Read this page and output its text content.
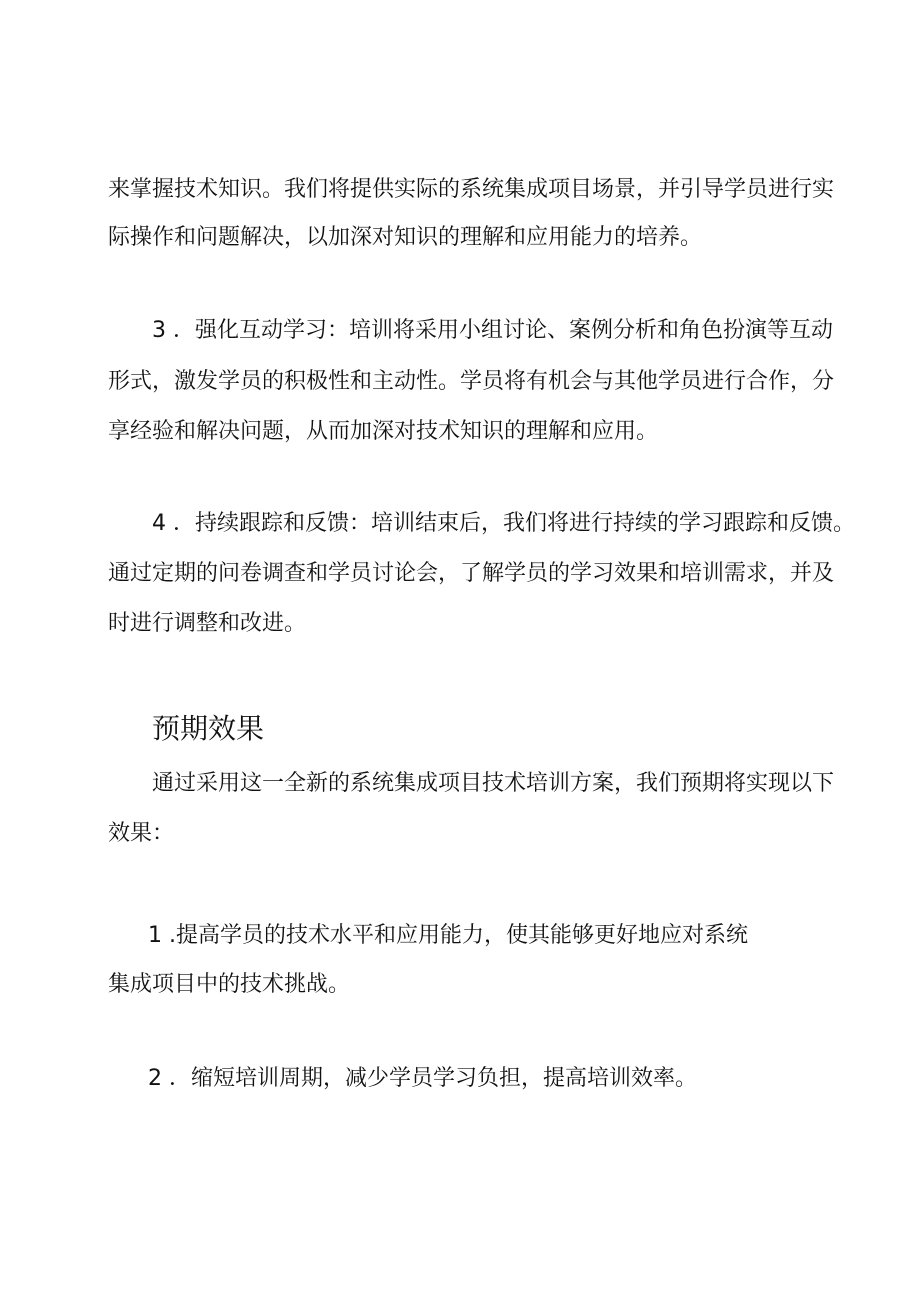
来掌握技术知识。我们将提供实际的系统集成项目场景，并引导学员进行实
际操作和问题解决，以加深对知识的理解和应用能力的培养。
3 ．强化互动学习：培训将采用小组讨论、案例分析和角色扮演等互动
形式，激发学员的积极性和主动性。学员将有机会与其他学员进行合作，分
享经验和解决问题，从而加深对技术知识的理解和应用。
4 ．持续跟踪和反馈：培训结束后，我们将进行持续的学习跟踪和反馈。
通过定期的问卷调查和学员讨论会，了解学员的学习效果和培训需求，并及
时进行调整和改进。
预期效果
通过采用这一全新的系统集成项目技术培训方案，我们预期将实现以下
效果：
1 .提高学员的技术水平和应用能力，使其能够更好地应对系统
集成项目中的技术挑战。
2 ．缩短培训周期，减少学员学习负担，提高培训效率。
